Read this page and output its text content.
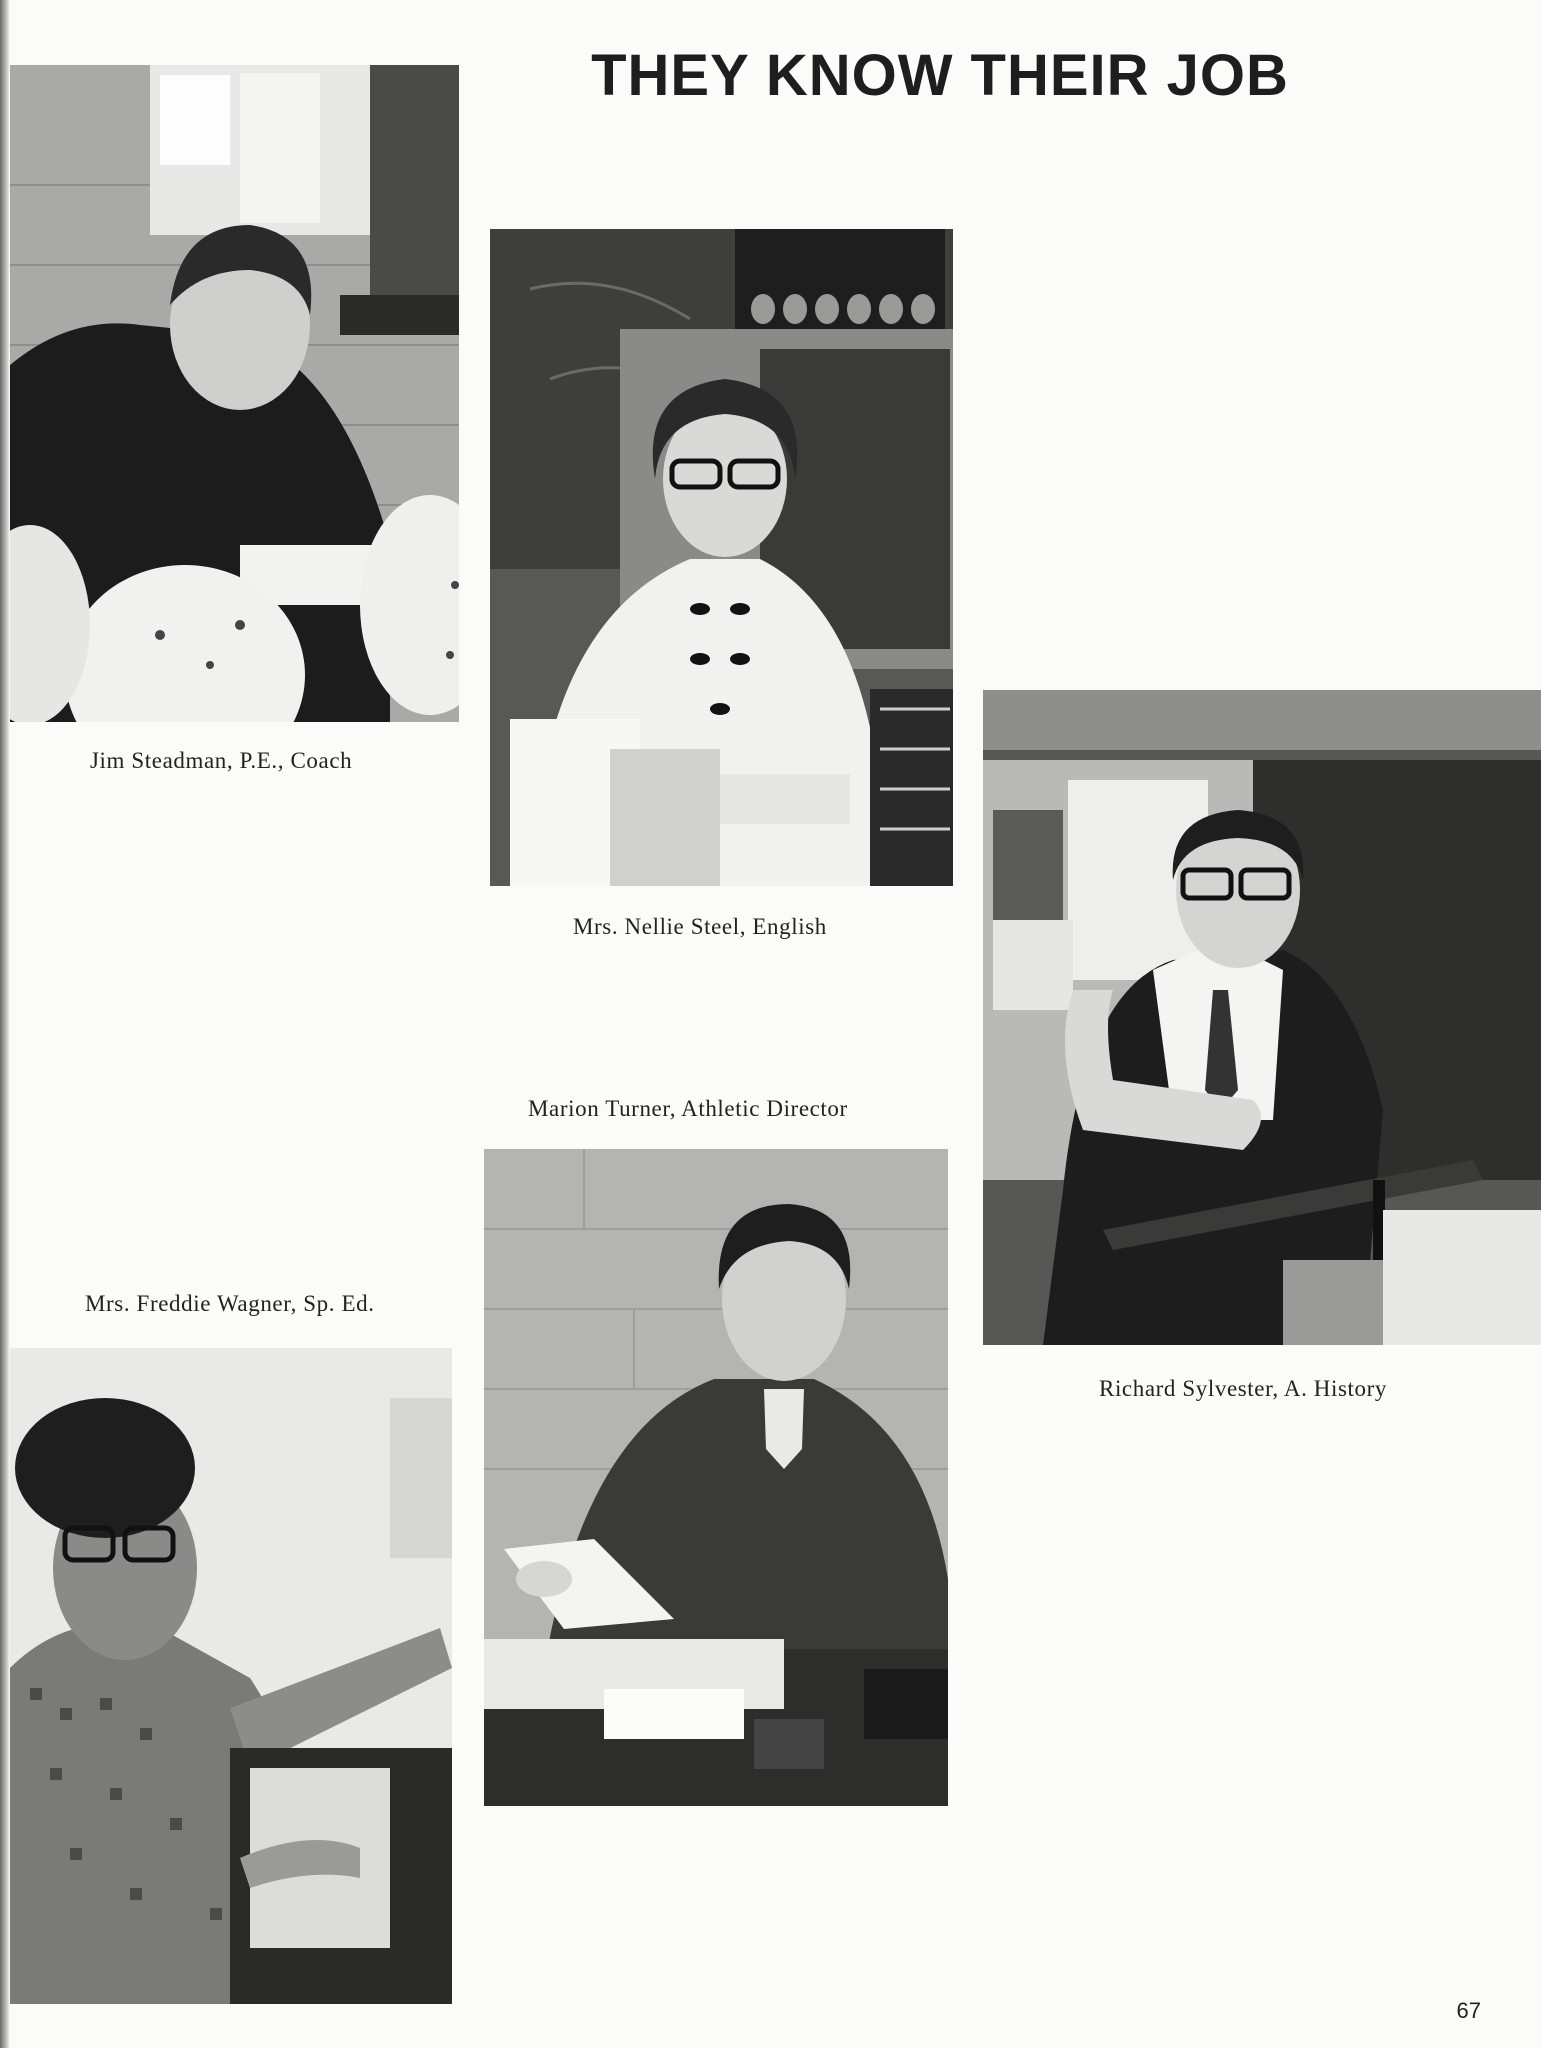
THEY KNOW THEIR JOB
Jim Steadman, P.E., Coach
Mrs. Nellie Steel, English
Richard Sylvester, A. History
Marion Turner, Athletic Director
Mrs. Freddie Wagner, Sp. Ed.
67
